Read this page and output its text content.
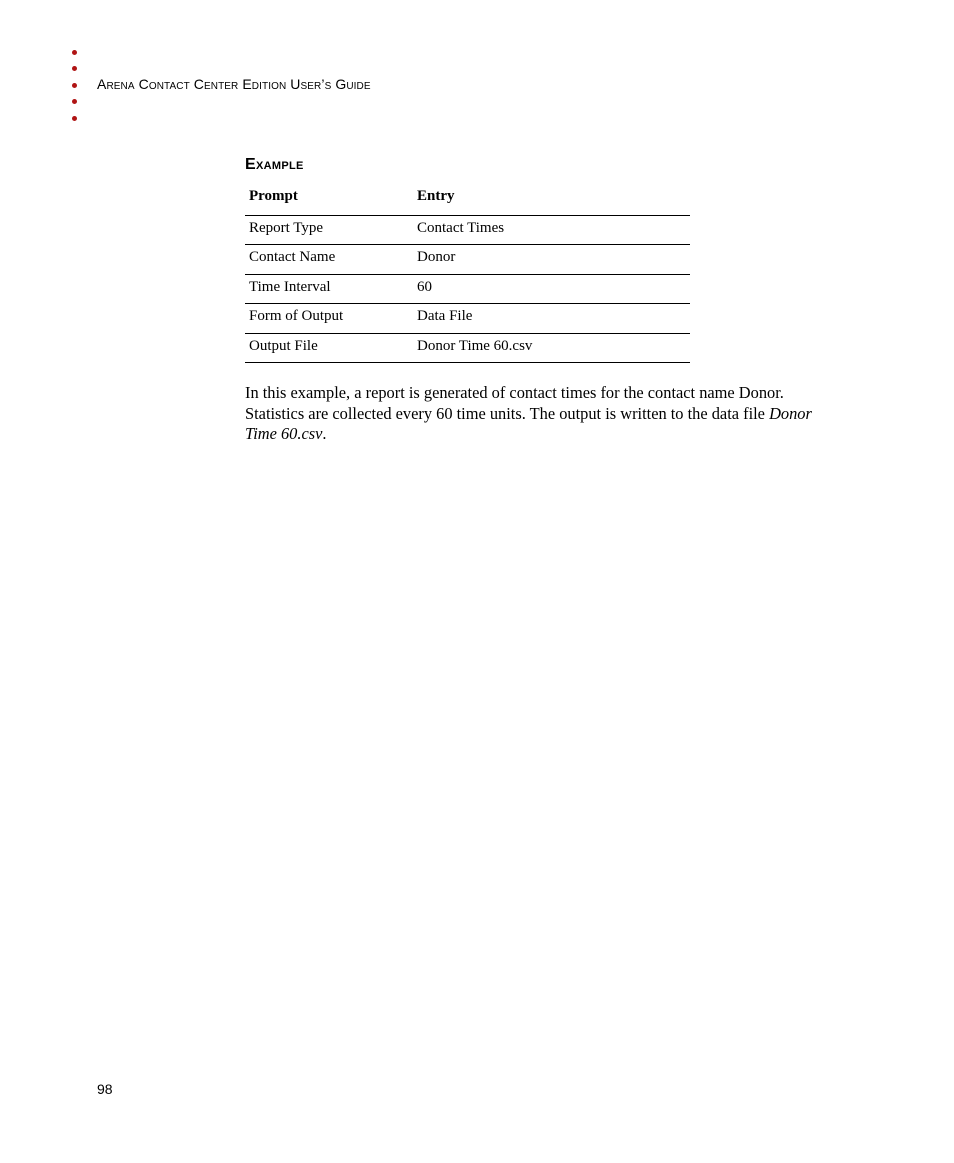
Arena Contact Center Edition User’s Guide
Example
Prompt	Entry
Report Type	Contact Times
Contact Name	Donor
Time Interval	60
Form of Output	Data File
Output File	Donor Time 60.csv

In this example, a report is generated of contact times for the contact name Donor. Statistics are collected every 60 time units. The output is written to the data file Donor Time 60.csv.

98
